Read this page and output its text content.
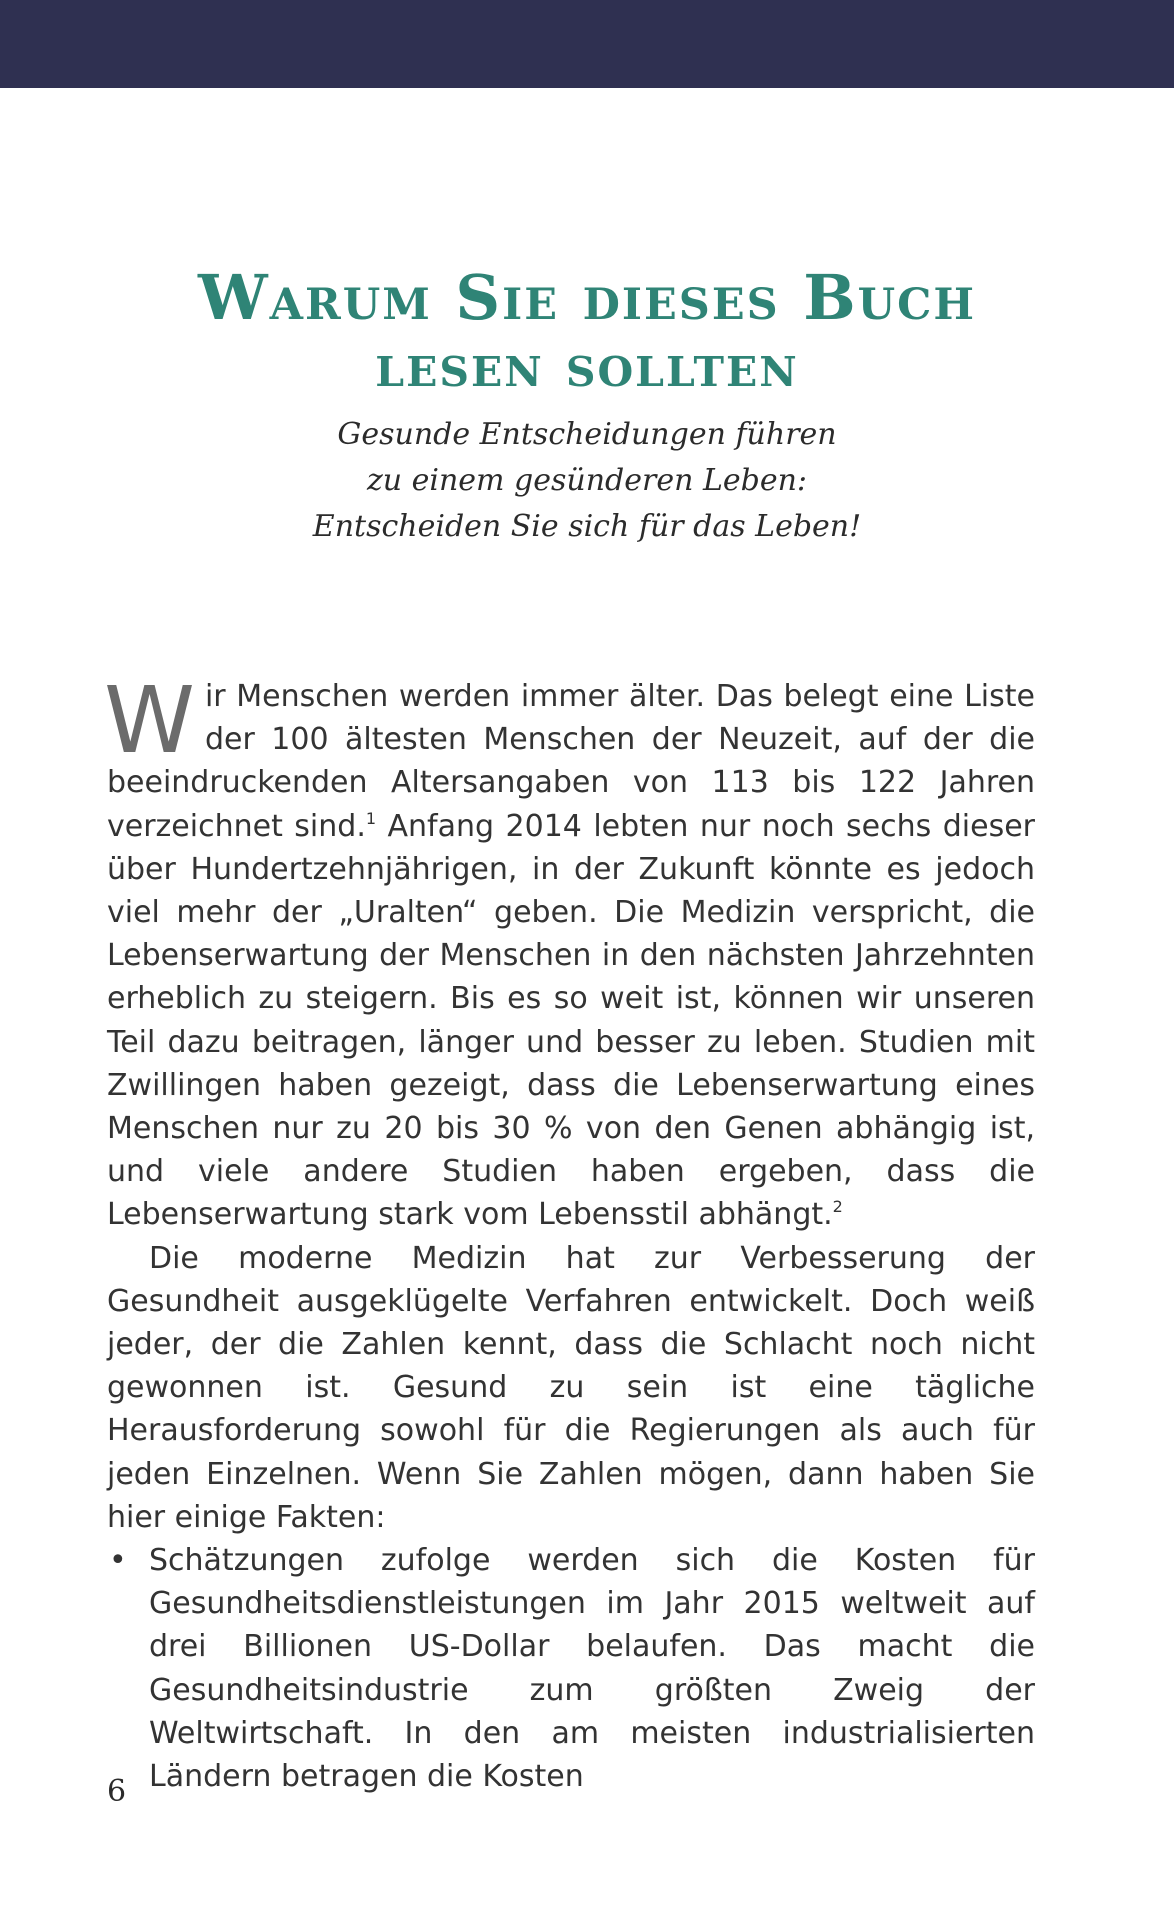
Warum Sie dieses Buch
lesen sollten
Gesunde Entscheidungen führen
zu einem gesünderen Leben:
Entscheiden Sie sich für das Leben!

Wir Menschen werden immer älter. Das belegt eine Liste der 100 ältesten Menschen der Neuzeit, auf der die beeindruckenden Altersangaben von 113 bis 122 Jahren verzeichnet sind.$^1$ Anfang 2014 lebten nur noch sechs dieser über Hundertzehnjährigen, in der Zukunft könnte es jedoch viel mehr der „Uralten“ geben. Die Medizin verspricht, die Lebenserwartung der Menschen in den nächsten Jahrzehnten erheblich zu steigern. Bis es so weit ist, können wir unseren Teil dazu beitragen, länger und besser zu leben. Studien mit Zwillingen haben gezeigt, dass die Lebenserwartung eines Menschen nur zu 20 bis 30 % von den Genen abhängig ist, und viele andere Studien haben ergeben, dass die Lebenserwartung stark vom Lebensstil abhängt.$^2$

Die moderne Medizin hat zur Verbesserung der Gesundheit ausgeklügelte Verfahren entwickelt. Doch weiß jeder, der die Zahlen kennt, dass die Schlacht noch nicht gewonnen ist. Gesund zu sein ist eine tägliche Herausforderung sowohl für die Regierungen als auch für jeden Einzelnen. Wenn Sie Zahlen mögen, dann haben Sie hier einige Fakten:

• Schätzungen zufolge werden sich die Kosten für Gesundheitsdienstleistungen im Jahr 2015 weltweit auf drei Billionen US-Dollar belaufen. Das macht die Gesundheitsindustrie zum größten Zweig der Weltwirtschaft. In den am meisten industrialisierten Ländern betragen die Kosten
6
